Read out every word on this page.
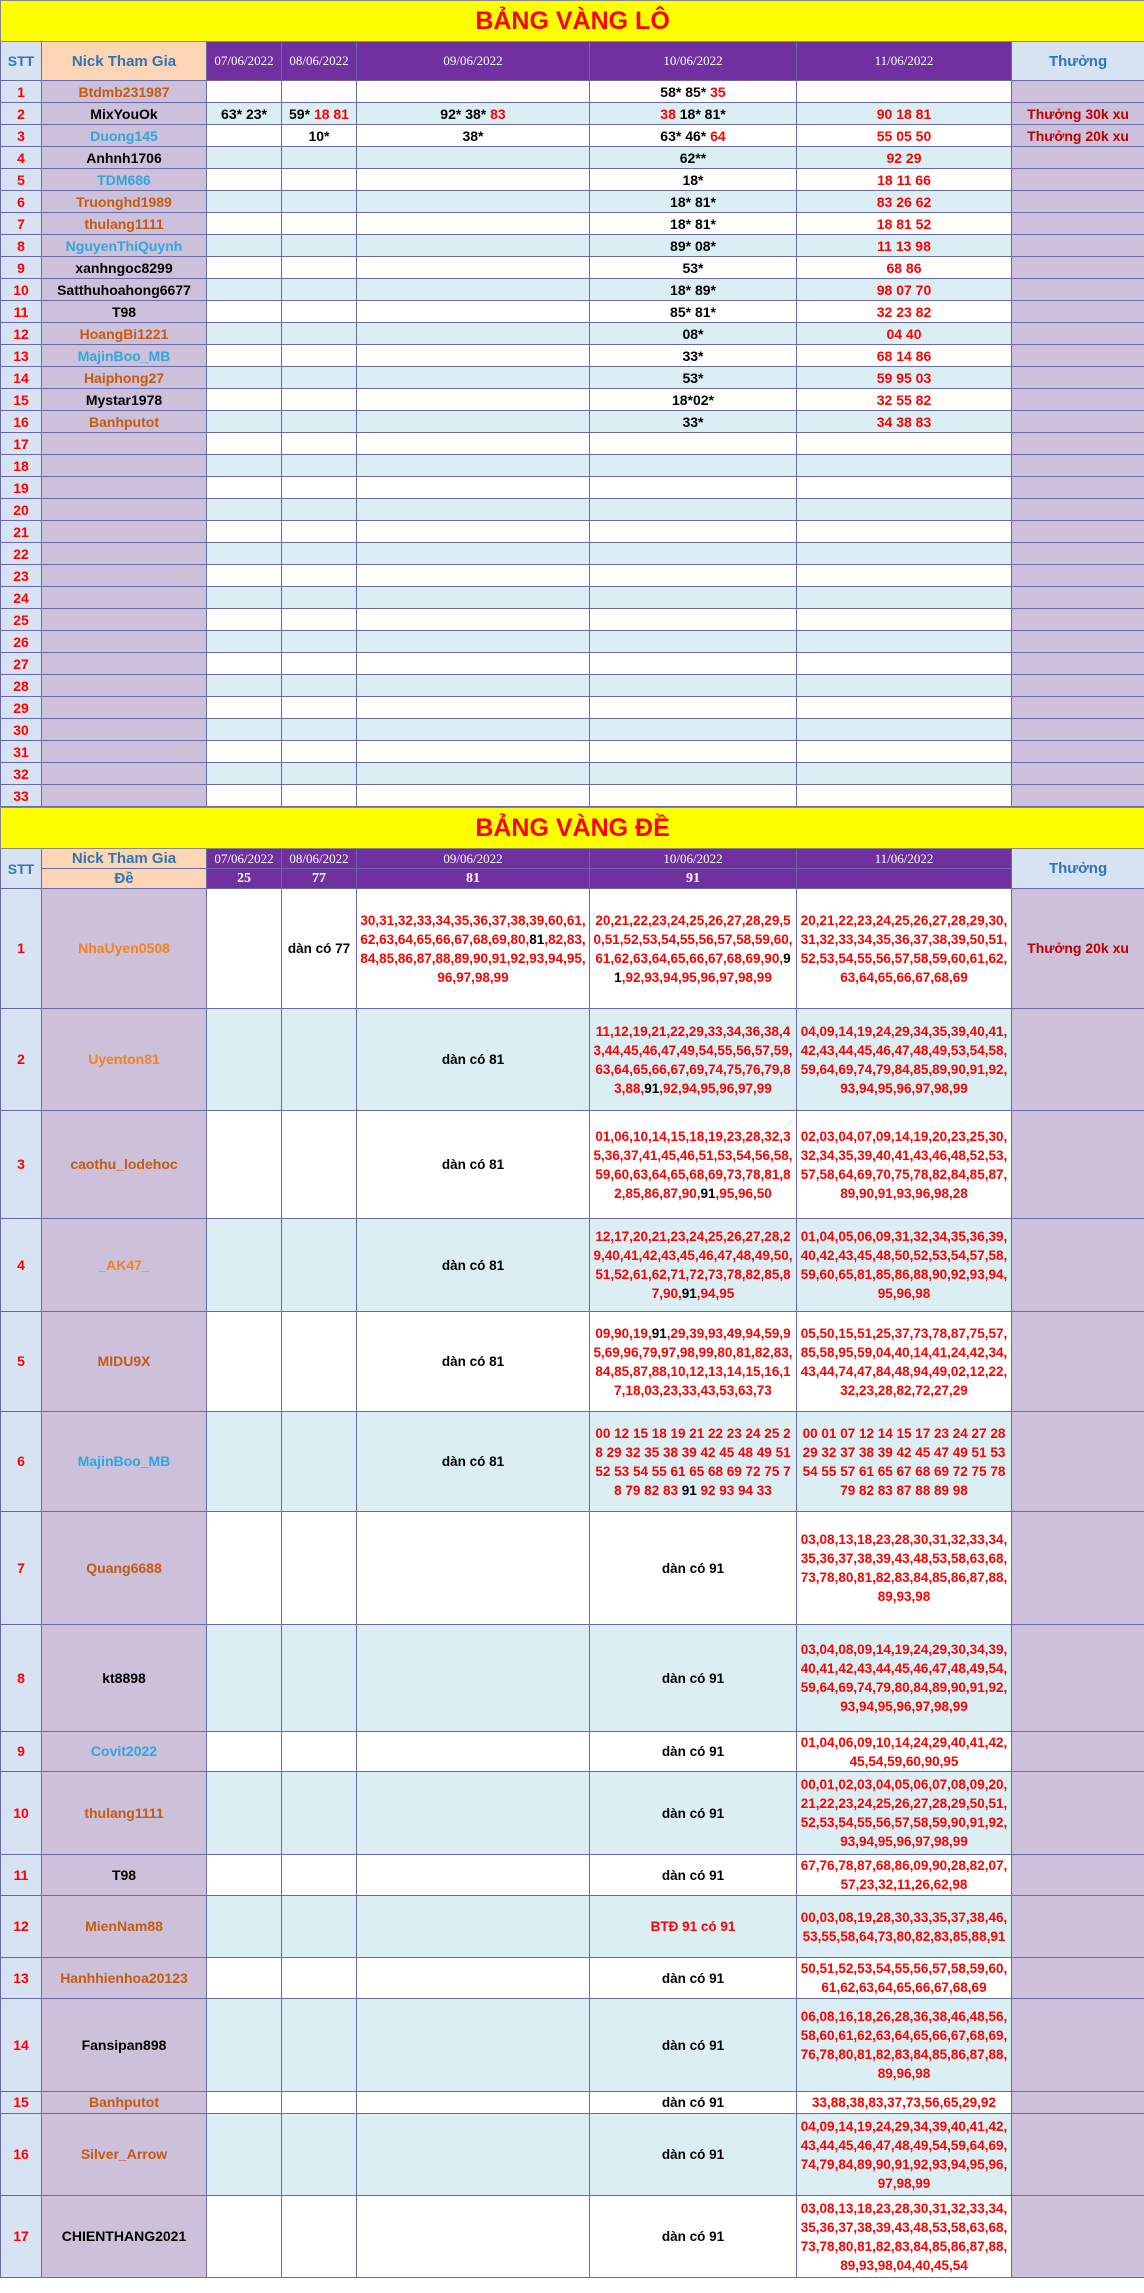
BẢNG VÀNG LÔ							
STT	Nick Tham Gia	07/06/2022	08/06/2022	09/06/2022	10/06/2022	11/06/2022	Thưởng
1	Btdmb231987				58* 85* 35		
2	MixYouOk	63* 23*	59* 18 81	92* 38* 83	38 18* 81*	90 18 81	Thưởng 30k xu
3	Duong145		10*	38*	63* 46* 64	55 05 50	Thưởng 20k xu
4	Anhnh1706				62**	92 29	
5	TDM686				18*	18 11 66	
6	Truonghd1989				18* 81*	83 26 62	
7	thulang1111				18* 81*	18 81 52	
8	NguyenThiQuynh				89* 08*	11 13 98	
9	xanhngoc8299				53*	68 86	
10	Satthuhoahong6677				18* 89*	98 07 70	
11	T98				85* 81*	32 23 82	
12	HoangBi1221				08*	04 40	
13	MajinBoo_MB				33*	68 14 86	
14	Haiphong27				53*	59 95 03	
15	Mystar1978				18*02*	32 55 82	
16	Banhputot				33*	34 38 83	
17							
18							
19							
20							
21							
22							
23							
24							
25							
26							
27							
28							
29							
30							
31							
32							
33							
BẢNG VÀNG ĐỀ							
STT	Nick Tham Gia	07/06/2022	08/06/2022	09/06/2022	10/06/2022	11/06/2022	Thưởng
	Đề	25	77	81	91		
1	NhaUyen0508		dàn có 77	30,31,32,33,34,35,36,37,38,39,60,61,62,63,64,65,66,67,68,69,80,81,82,83,84,85,86,87,88,89,90,91,92,93,94,95,96,97,98,99	20,21,22,23,24,25,26,27,28,29,50,51,52,53,54,55,56,57,58,59,60,61,62,63,64,65,66,67,68,69,90,91,92,93,94,95,96,97,98,99	20,21,22,23,24,25,26,27,28,29,30,31,32,33,34,35,36,37,38,39,50,51,52,53,54,55,56,57,58,59,60,61,62,63,64,65,66,67,68,69	Thưởng 20k xu
2	Uyenton81			dàn có 81	11,12,19,21,22,29,33,34,36,38,43,44,45,46,47,49,54,55,56,57,59,63,64,65,66,67,69,74,75,76,79,83,88,91,92,94,95,96,97,99	04,09,14,19,24,29,34,35,39,40,41,42,43,44,45,46,47,48,49,53,54,58,59,64,69,74,79,84,85,89,90,91,92,93,94,95,96,97,98,99	
3	caothu_lodehoc			dàn có 81	01,06,10,14,15,18,19,23,28,32,35,36,37,41,45,46,51,53,54,56,58,59,60,63,64,65,68,69,73,78,81,82,85,86,87,90,91,95,96,50	02,03,04,07,09,14,19,20,23,25,30,32,34,35,39,40,41,43,46,48,52,53,57,58,64,69,70,75,78,82,84,85,87,89,90,91,93,96,98,28	
4	_AK47_			dàn có 81	12,17,20,21,23,24,25,26,27,28,29,40,41,42,43,45,46,47,48,49,50,51,52,61,62,71,72,73,78,82,85,87,90,91,94,95	01,04,05,06,09,31,32,34,35,36,39,40,42,43,45,48,50,52,53,54,57,58,59,60,65,81,85,86,88,90,92,93,94,95,96,98	
5	MIDU9X			dàn có 81	09,90,19,91,29,39,93,49,94,59,95,69,96,79,97,98,99,80,81,82,83,84,85,87,88,10,12,13,14,15,16,17,18,03,23,33,43,53,63,73	05,50,15,51,25,37,73,78,87,75,57,85,58,95,59,04,40,14,41,24,42,34,43,44,74,47,84,48,94,49,02,12,22,32,23,28,82,72,27,29	
6	MajinBoo_MB			dàn có 81	00 12 15 18 19 21 22 23 24 25 28 29 32 35 38 39 42 45 48 49 51 52 53 54 55 61 65 68 69 72 75 78 79 82 83 91 92 93 94 33	00 01 07 12 14 15 17 23 24 27 28 29 32 37 38 39 42 45 47 49 51 53 54 55 57 61 65 67 68 69 72 75 78 79 82 83 87 88 89 98	
7	Quang6688				dàn có 91	03,08,13,18,23,28,30,31,32,33,34,35,36,37,38,39,43,48,53,58,63,68,73,78,80,81,82,83,84,85,86,87,88,89,93,98	
8	kt8898				dàn có 91	03,04,08,09,14,19,24,29,30,34,39,40,41,42,43,44,45,46,47,48,49,54,59,64,69,74,79,80,84,89,90,91,92,93,94,95,96,97,98,99	
9	Covit2022				dàn có 91	01,04,06,09,10,14,24,29,40,41,42,45,54,59,60,90,95	
10	thulang1111				dàn có 91	00,01,02,03,04,05,06,07,08,09,20,21,22,23,24,25,26,27,28,29,50,51,52,53,54,55,56,57,58,59,90,91,92,93,94,95,96,97,98,99	
11	T98				dàn có 91	67,76,78,87,68,86,09,90,28,82,07,57,23,32,11,26,62,98	
12	MienNam88				BTĐ 91 có 91	00,03,08,19,28,30,33,35,37,38,46,53,55,58,64,73,80,82,83,85,88,91	
13	Hanhhienhoa20123				dàn có 91	50,51,52,53,54,55,56,57,58,59,60,61,62,63,64,65,66,67,68,69	
14	Fansipan898				dàn có 91	06,08,16,18,26,28,36,38,46,48,56,58,60,61,62,63,64,65,66,67,68,69,76,78,80,81,82,83,84,85,86,87,88,89,96,98	
15	Banhputot				dàn có 91	33,88,38,83,37,73,56,65,29,92	
16	Silver_Arrow				dàn có 91	04,09,14,19,24,29,34,39,40,41,42,43,44,45,46,47,48,49,54,59,64,69,74,79,84,89,90,91,92,93,94,95,96,97,98,99	
17	CHIENTHANG2021				dàn có 91	03,08,13,18,23,28,30,31,32,33,34,35,36,37,38,39,43,48,53,58,63,68,73,78,80,81,82,83,84,85,86,87,88,89,93,98,04,40,45,54	
